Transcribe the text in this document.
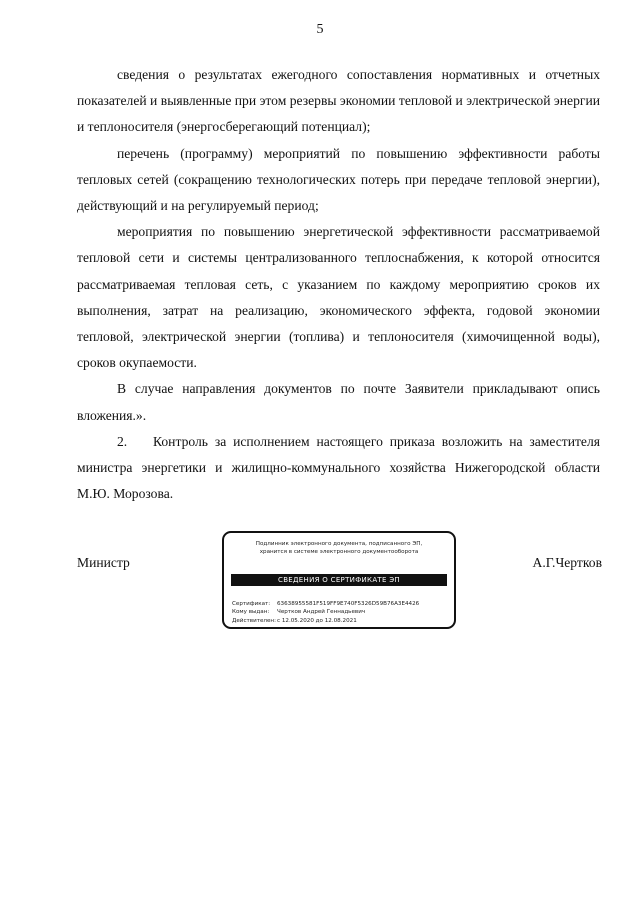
5

сведения о результатах ежегодного сопоставления нормативных и отчетных показателей и выявленные при этом резервы экономии тепловой и электрической энергии и теплоносителя (энергосберегающий потенциал);

перечень (программу) мероприятий по повышению эффективности работы тепловых сетей (сокращению технологических потерь при передаче тепловой энергии), действующий и на регулируемый период;

мероприятия по повышению энергетической эффективности рассматриваемой тепловой сети и системы централизованного теплоснабжения, к которой относится рассматриваемая тепловая сеть, с указанием по каждому мероприятию сроков их выполнения, затрат на реализацию, экономического эффекта, годовой экономии тепловой, электрической энергии (топлива) и теплоносителя (химочищенной воды), сроков окупаемости.

В случае направления документов по почте Заявители прикладывают опись вложения.».

2. Контроль за исполнением настоящего приказа возложить на заместителя министра энергетики и жилищно-коммунального хозяйства Нижегородской области М.Ю. Морозова.

Министр	А.Г.Чертков
Подлинник электронного документа, подписанного ЭП,
хранится в системе электронного документооборота
СВЕДЕНИЯ О СЕРТИФИКАТЕ ЭП
Сертификат: 63638955581F519FF9E740F5326D59B76A3E4426
Кому выдан: Чертков Андрей Геннадьевич
Действителен:с 12.05.2020 до 12.08.2021
